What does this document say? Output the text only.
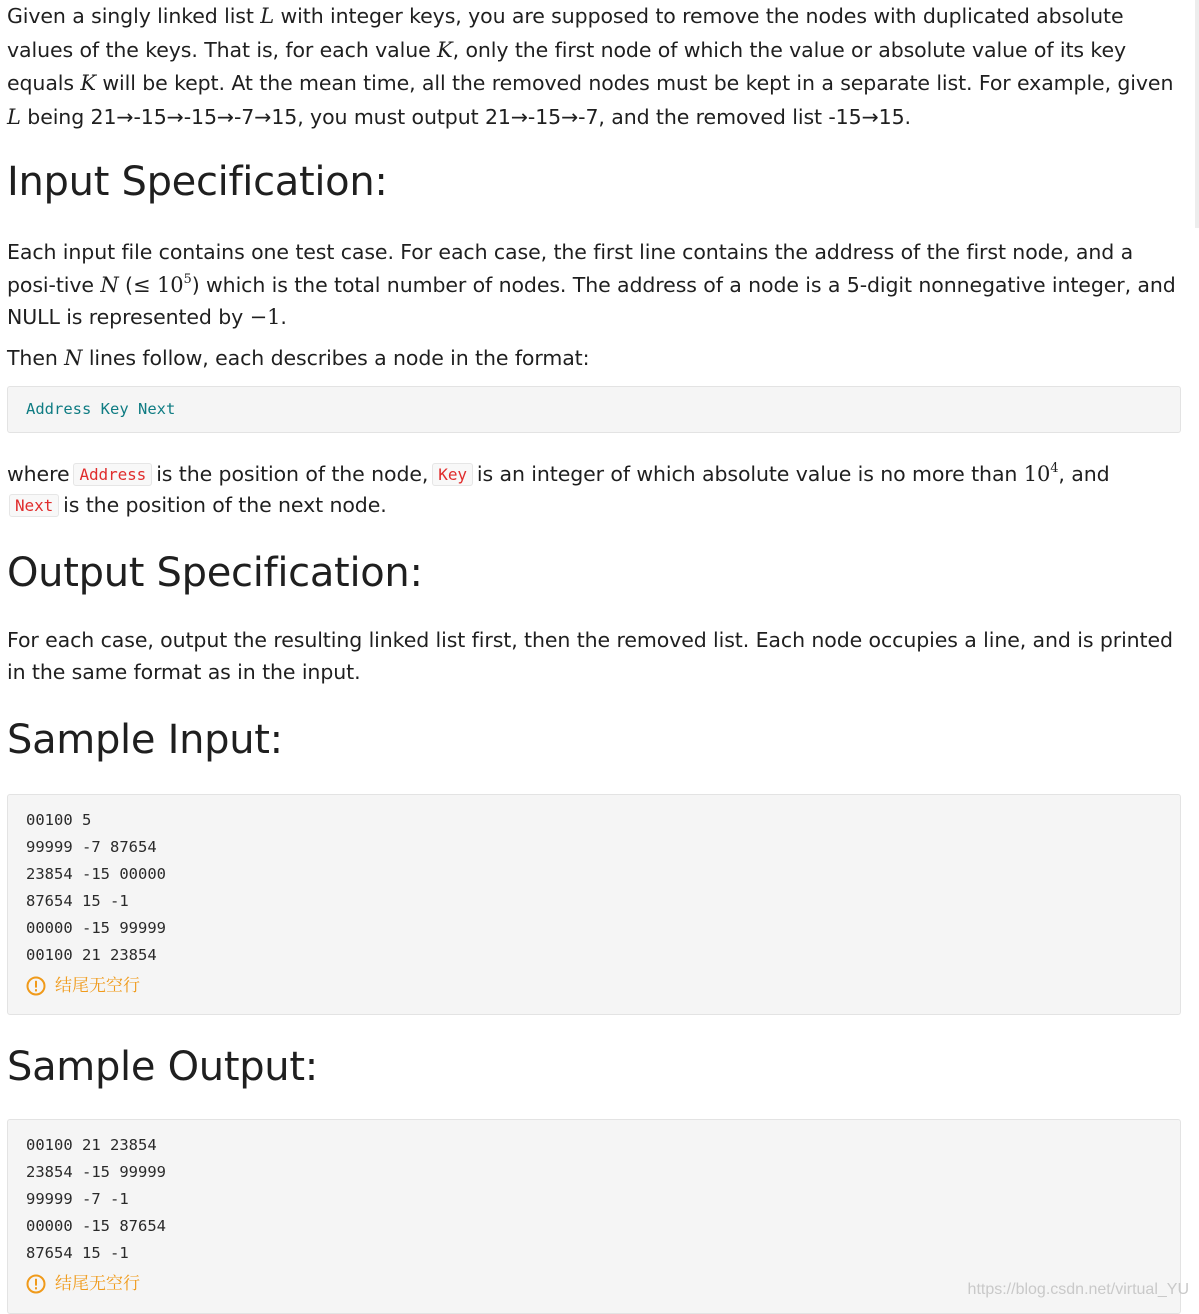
Given a singly linked list L with integer keys, you are supposed to remove the nodes with duplicated absolute values of the keys. That is, for each value K, only the first node of which the value or absolute value of its key equals K will be kept. At the mean time, all the removed nodes must be kept in a separate list. For example, given L being 21→-15→-15→-7→15, you must output 21→-15→-7, and the removed list -15→15.

Input Specification:

Each input file contains one test case. For each case, the first line contains the address of the first node, and a posi-tive N (≤ $10^5$) which is the total number of nodes. The address of a node is a 5-digit nonnegative integer, and NULL is represented by −1.

Then N lines follow, each describes a node in the format:

Address Key Next

where Address is the position of the node, Key is an integer of which absolute value is no more than $10^4$, and
Next is the position of the next node.

Output Specification:

For each case, output the resulting linked list first, then the removed list. Each node occupies a line, and is printed in the same format as in the input.

Sample Input:
00100 5
99999 -7 87654
23854 -15 00000
87654 15 -1
00000 -15 99999
00100 21 23854
结尾无空行
Sample Output:
00100 21 23854
23854 -15 99999
99999 -7 -1
00000 -15 87654
87654 15 -1
结尾无空行	https://blog.csdn.net/virtual_YU
